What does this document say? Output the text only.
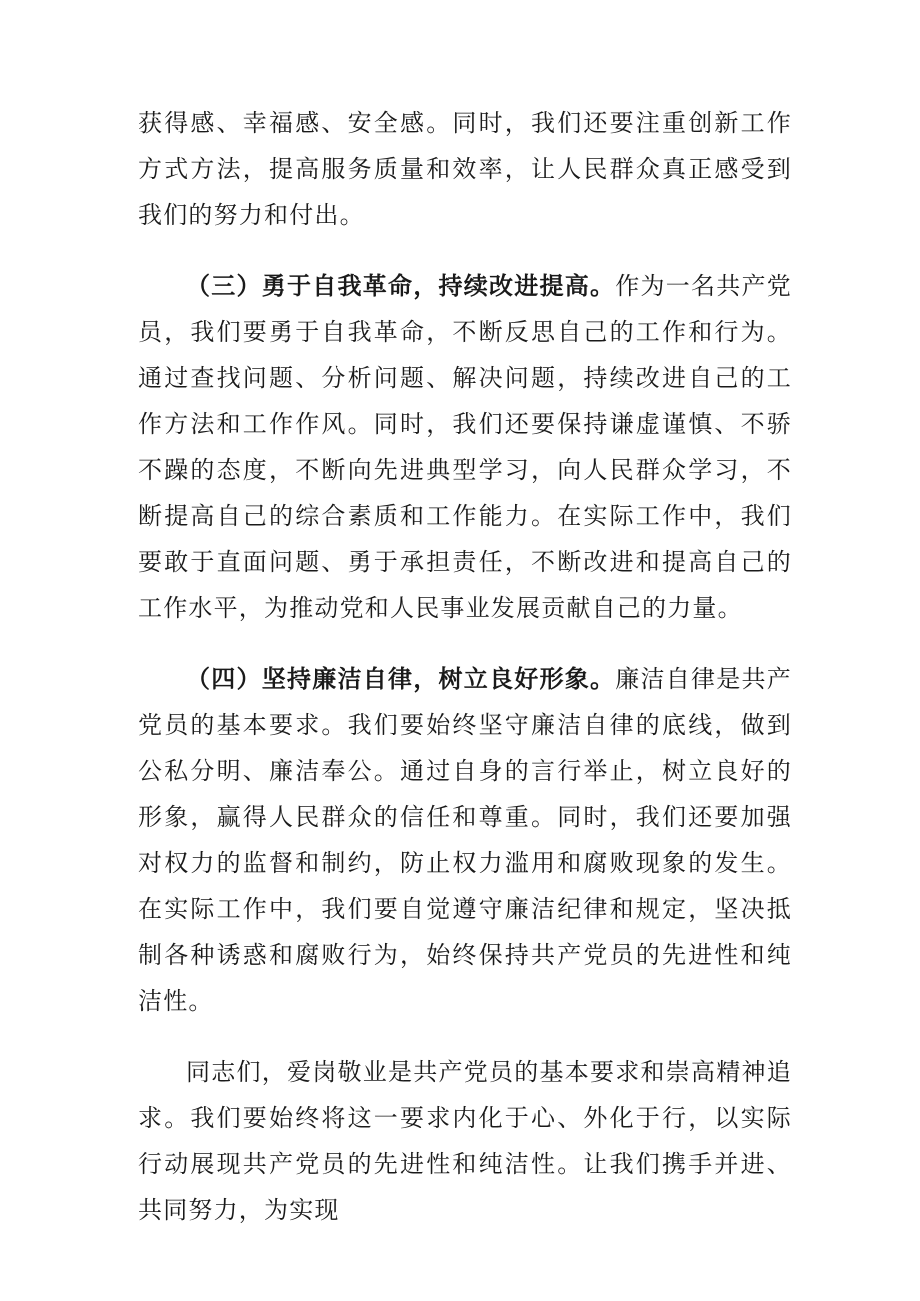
获得感、幸福感、安全感。同时，我们还要注重创新工作方式方法，提高服务质量和效率，让人民群众真正感受到我们的努力和付出。

（三）勇于自我革命，持续改进提高。作为一名共产党员，我们要勇于自我革命，不断反思自己的工作和行为。通过查找问题、分析问题、解决问题，持续改进自己的工作方法和工作作风。同时，我们还要保持谦虚谨慎、不骄不躁的态度，不断向先进典型学习，向人民群众学习，不断提高自己的综合素质和工作能力。在实际工作中，我们要敢于直面问题、勇于承担责任，不断改进和提高自己的工作水平，为推动党和人民事业发展贡献自己的力量。

（四）坚持廉洁自律，树立良好形象。廉洁自律是共产党员的基本要求。我们要始终坚守廉洁自律的底线，做到公私分明、廉洁奉公。通过自身的言行举止，树立良好的形象，赢得人民群众的信任和尊重。同时，我们还要加强对权力的监督和制约，防止权力滥用和腐败现象的发生。在实际工作中，我们要自觉遵守廉洁纪律和规定，坚决抵制各种诱惑和腐败行为，始终保持共产党员的先进性和纯洁性。

同志们，爱岗敬业是共产党员的基本要求和崇高精神追求。我们要始终将这一要求内化于心、外化于行，以实际行动展现共产党员的先进性和纯洁性。让我们携手并进、共同努力，为实现
